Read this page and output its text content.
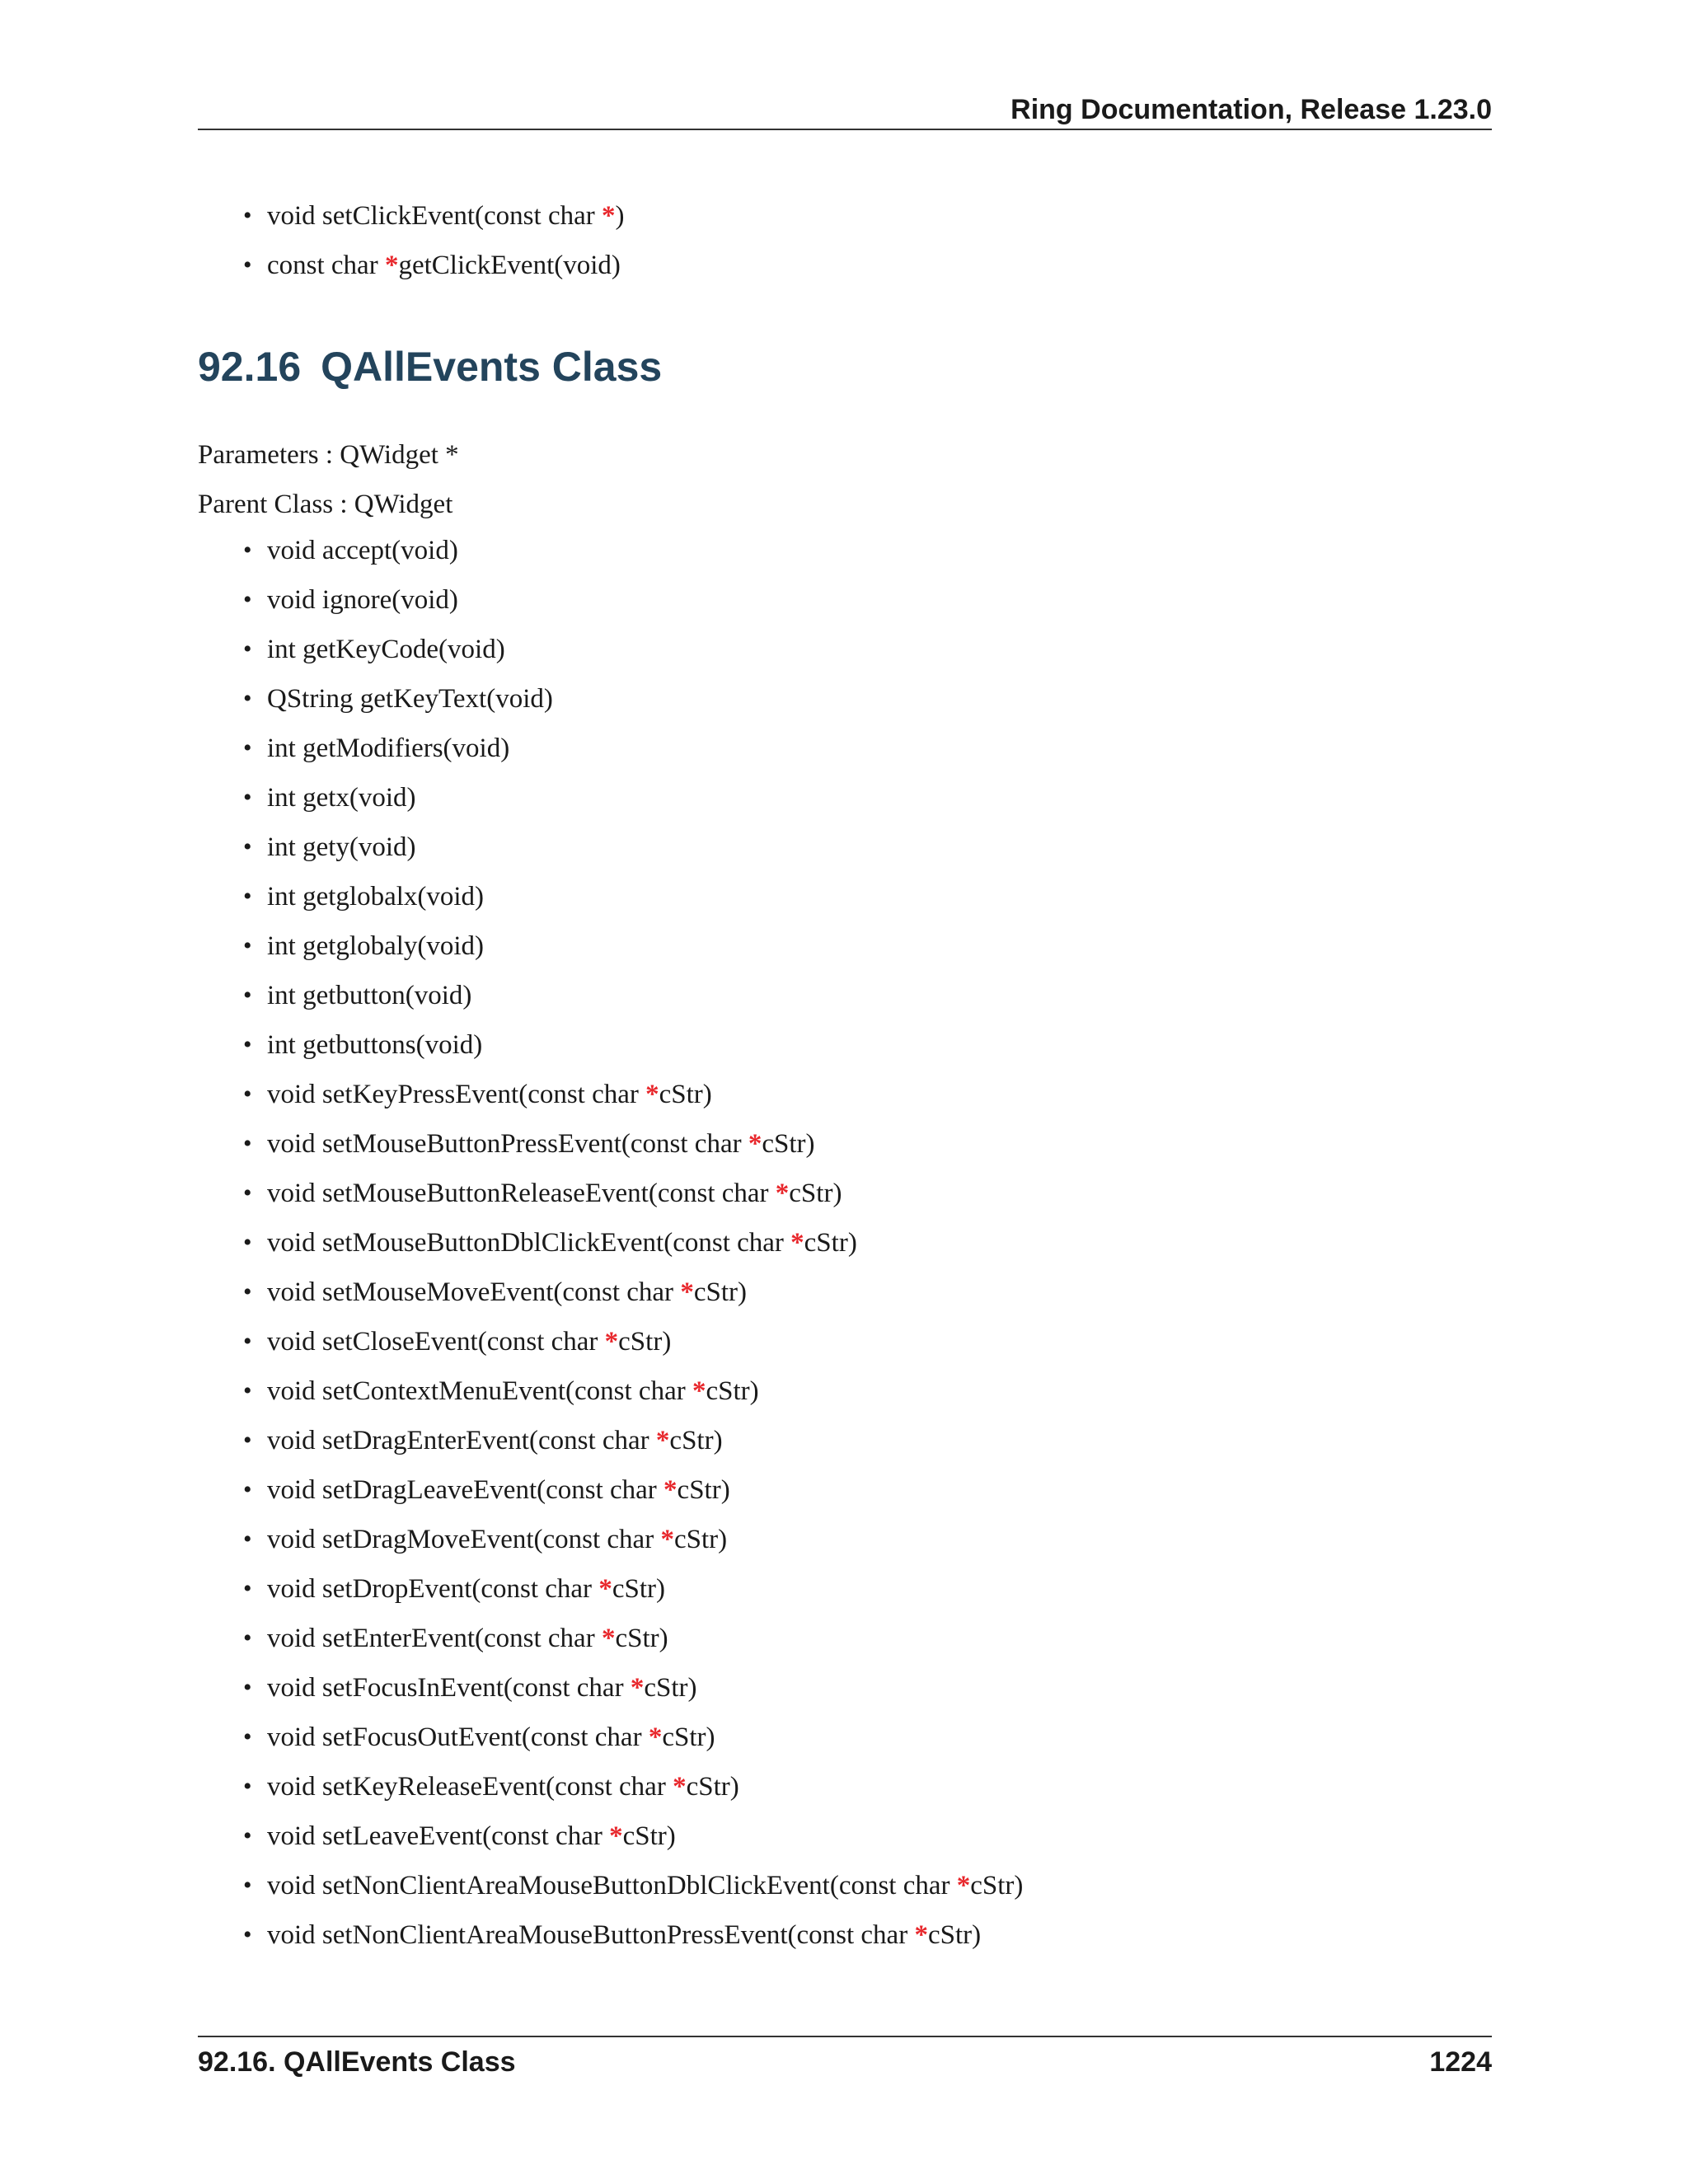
Ring Documentation, Release 1.23.0
• void setClickEvent(const char *)
• const char *getClickEvent(void)
92.16 QAllEvents Class
Parameters : QWidget *
Parent Class : QWidget
• void accept(void)
• void ignore(void)
• int getKeyCode(void)
• QString getKeyText(void)
• int getModifiers(void)
• int getx(void)
• int gety(void)
• int getglobalx(void)
• int getglobaly(void)
• int getbutton(void)
• int getbuttons(void)
• void setKeyPressEvent(const char *cStr)
• void setMouseButtonPressEvent(const char *cStr)
• void setMouseButtonReleaseEvent(const char *cStr)
• void setMouseButtonDblClickEvent(const char *cStr)
• void setMouseMoveEvent(const char *cStr)
• void setCloseEvent(const char *cStr)
• void setContextMenuEvent(const char *cStr)
• void setDragEnterEvent(const char *cStr)
• void setDragLeaveEvent(const char *cStr)
• void setDragMoveEvent(const char *cStr)
• void setDropEvent(const char *cStr)
• void setEnterEvent(const char *cStr)
• void setFocusInEvent(const char *cStr)
• void setFocusOutEvent(const char *cStr)
• void setKeyReleaseEvent(const char *cStr)
• void setLeaveEvent(const char *cStr)
• void setNonClientAreaMouseButtonDblClickEvent(const char *cStr)
• void setNonClientAreaMouseButtonPressEvent(const char *cStr)
92.16. QAllEvents Class	1224
